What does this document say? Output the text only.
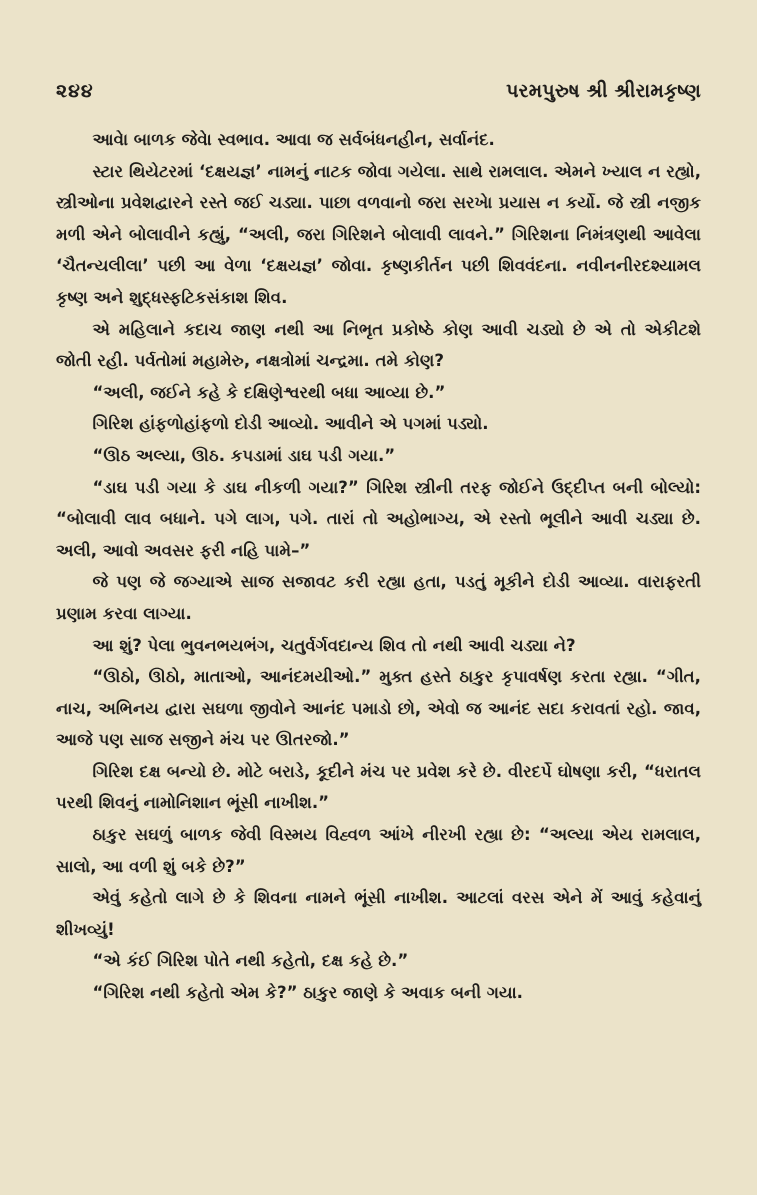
૨૪૪	પરમપુરુષ શ્રી શ્રીરામકૃષ્ણ

આવેા બાળક જેવેા સ્વભાવ. આવા જ સર્વબંધનહીન, સર્વાનંદ.

સ્ટાર થિયેટરમાં ‘દક્ષયજ્ઞ’ નામનું નાટક જોવા ગયેલા. સાથે રામલાલ. એમને ખ્યાલ ન રહ્યો, સ્ત્રીઓના પ્રવેશદ્વારને રસ્તે જઈ ચડ્યા. પાછા વળવાનો જરા સરખેા પ્રયાસ ન કર્યો. જે સ્ત્રી નજીક મળી એને બોલાવીને કહ્યું, “અલી, જરા ગિરિશને બોલાવી લાવને.” ગિરિશના નિમંત્રણથી આવેલા ‘ચૈતન્યલીલા’ પછી આ વેળા ‘દક્ષયજ્ઞ’ જોવા. કૃષ્ણકીર્તન પછી શિવવંદના. નવીનનીરદશ્યામલ કૃષ્ણ અને શુદ્ધસ્ફટિકસંકાશ શિવ.

એ મહિલાને કદાચ જાણ નથી આ નિભૃત પ્રકોષ્ઠે કોણ આવી ચડ્યો છે એ તો એકીટશે જોતી રહી. પર્વતોમાં મહામેરુ, નક્ષત્રોમાં ચન્દ્રમા. તમે કોણ?

“અલી, જઈને કહે કે દક્ષિણેશ્વરથી બધા આવ્યા છે.”

ગિરિશ હાંફળોહાંફળો દોડી આવ્યો. આવીને એ પગમાં પડ્યો.

“ઊઠ અલ્યા, ઊઠ. કપડામાં ડાઘ પડી ગયા.”

“ડાઘ પડી ગયા કે ડાઘ નીકળી ગયા?” ગિરિશ સ્ત્રીની તરફ જોઈને ઉદ્દીપ્ત બની બોલ્યો: “બોલાવી લાવ બધાને. પગે લાગ, પગે. તારાં તો અહોભાગ્ય, એ રસ્તો ભૂલીને આવી ચડ્યા છે. અલી, આવો અવસર ફરી નહિ પામે–”

જે પણ જે જગ્યાએ સાજ સજાવટ કરી રહ્યા હતા, પડતું મૂકીને દોડી આવ્યા. વારાફરતી પ્રણામ કરવા લાગ્યા.

આ શું? પેલા ભુવનભયભંગ, ચતુર્વર્ગવદાન્ય શિવ તો નથી આવી ચડ્યા ને?

“ઊઠો, ઊઠો, માતાઓ, આનંદમયીઓ.” મુક્ત હસ્તે ઠાકુર કૃપાવર્ષણ કરતા રહ્યા. “ગીત, નાચ, અભિનય દ્વારા સઘળા જીવોને આનંદ પમાડો છો, એવો જ આનંદ સદા કરાવતાં રહો. જાવ, આજે પણ સાજ સજીને મંચ પર ઊતરજો.”

ગિરિશ દક્ષ બન્યો છે. મોટે બરાડે, કૂદીને મંચ પર પ્રવેશ કરે છે. વીરદર્પે ઘોષણા કરી, “ધરાતલ પરથી શિવનું નામોનિશાન ભૂંસી નાખીશ.”

ઠાકુર સઘળું બાળક જેવી વિસ્મય વિહ્વળ આંખે નીરખી રહ્યા છે: “અલ્યા એય રામલાલ, સાલો, આ વળી શું બકે છે?”

એવું કહેતો લાગે છે કે શિવના નામને ભૂંસી નાખીશ. આટલાં વરસ એને મેં આવું કહેવાનું શીખવ્યું!

“એ કંઈ ગિરિશ પોતે નથી કહેતો, દક્ષ કહે છે.”

“ગિરિશ નથી કહેતો એમ કે?” ઠાકુર જાણે કે અવાક બની ગયા.
